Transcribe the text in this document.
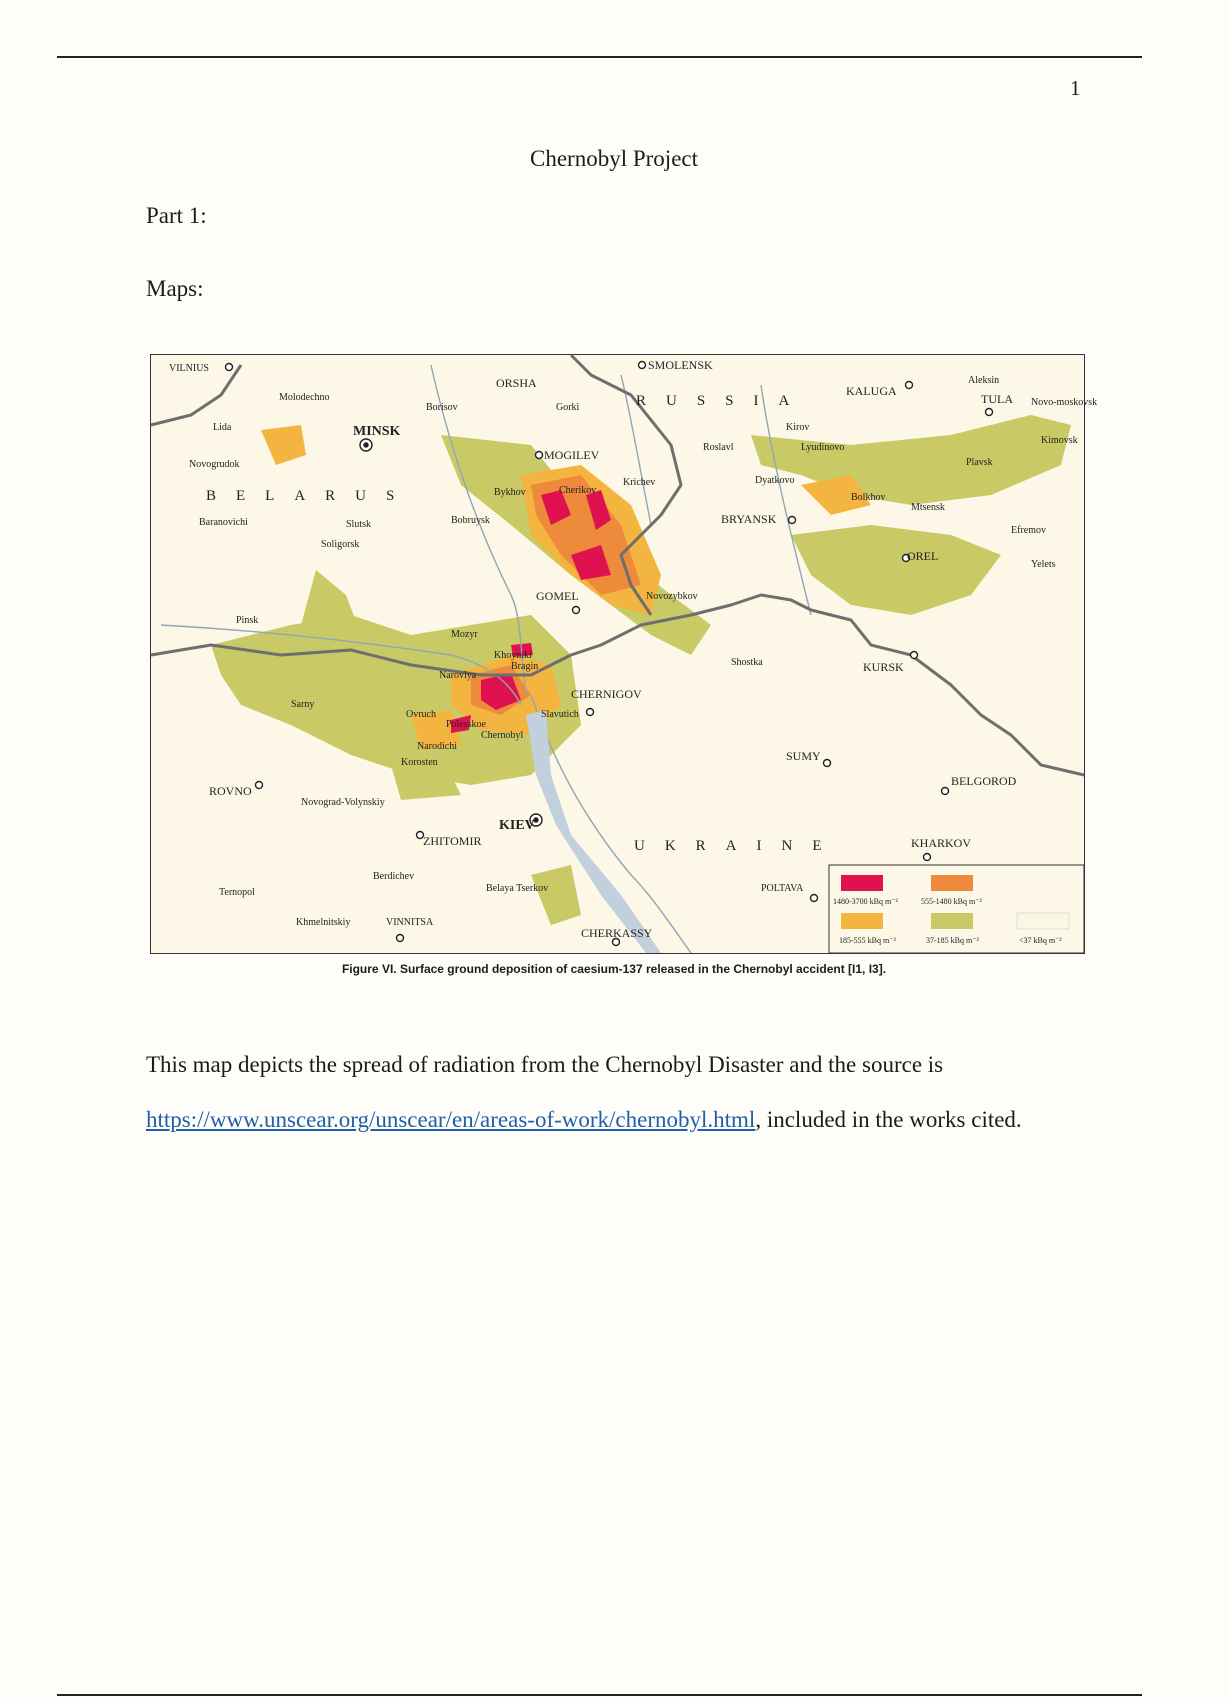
1
Chernobyl Project
Part 1:
Maps:
BELARUS
RUSSIA
UKRAINE
VILNIUS
MINSK
Molodechno
Lida
Novogrudok
Baranovichi	Slutsk
Soligorsk
Borisov
ORSHA
Gorki
SMOLENSK
KALUGA
TULA
Aleksin
Novo-moskovsk
Kimovsk
Kirov
Roslavl	Lyudinovo
MOGILEV
Bykhov	Cherikov
Krichev
Bobruysk	BRYANSK
Dyatkovo
Bolkhov
Plavsk
Mtsensk
Efremov
OREL
Yelets
GOMEL	Novozybkov
Pinsk
Mozyr
Khoyniki
Narovlya
Bragin	Shostka	KURSK
CHERNIGOV
Sarny
Ovruch
Polesskoe
Chernobyl
Slavutich
Narodichi
Korosten
ROVNO
Novograd-Volynskiy
ZHITOMIR
KIEV
SUMY
BELGOROD
KHARKOV
Berdichev
Belaya Tserkov
Ternopol
Khmelnitskiy	VINNITSA
CHERKASSY
POLTAVA
1480-3700 kBq m⁻²	555-1480 kBq m⁻²
185-555 kBq m⁻²	37-185 kBq m⁻²	<37 kBq m⁻²
Figure VI. Surface ground deposition of caesium-137 released in the Chernobyl accident [I1, I3].
This map depicts the spread of radiation from the Chernobyl Disaster and the source is
https://www.unscear.org/unscear/en/areas-of-work/chernobyl.html, included in the works cited.
